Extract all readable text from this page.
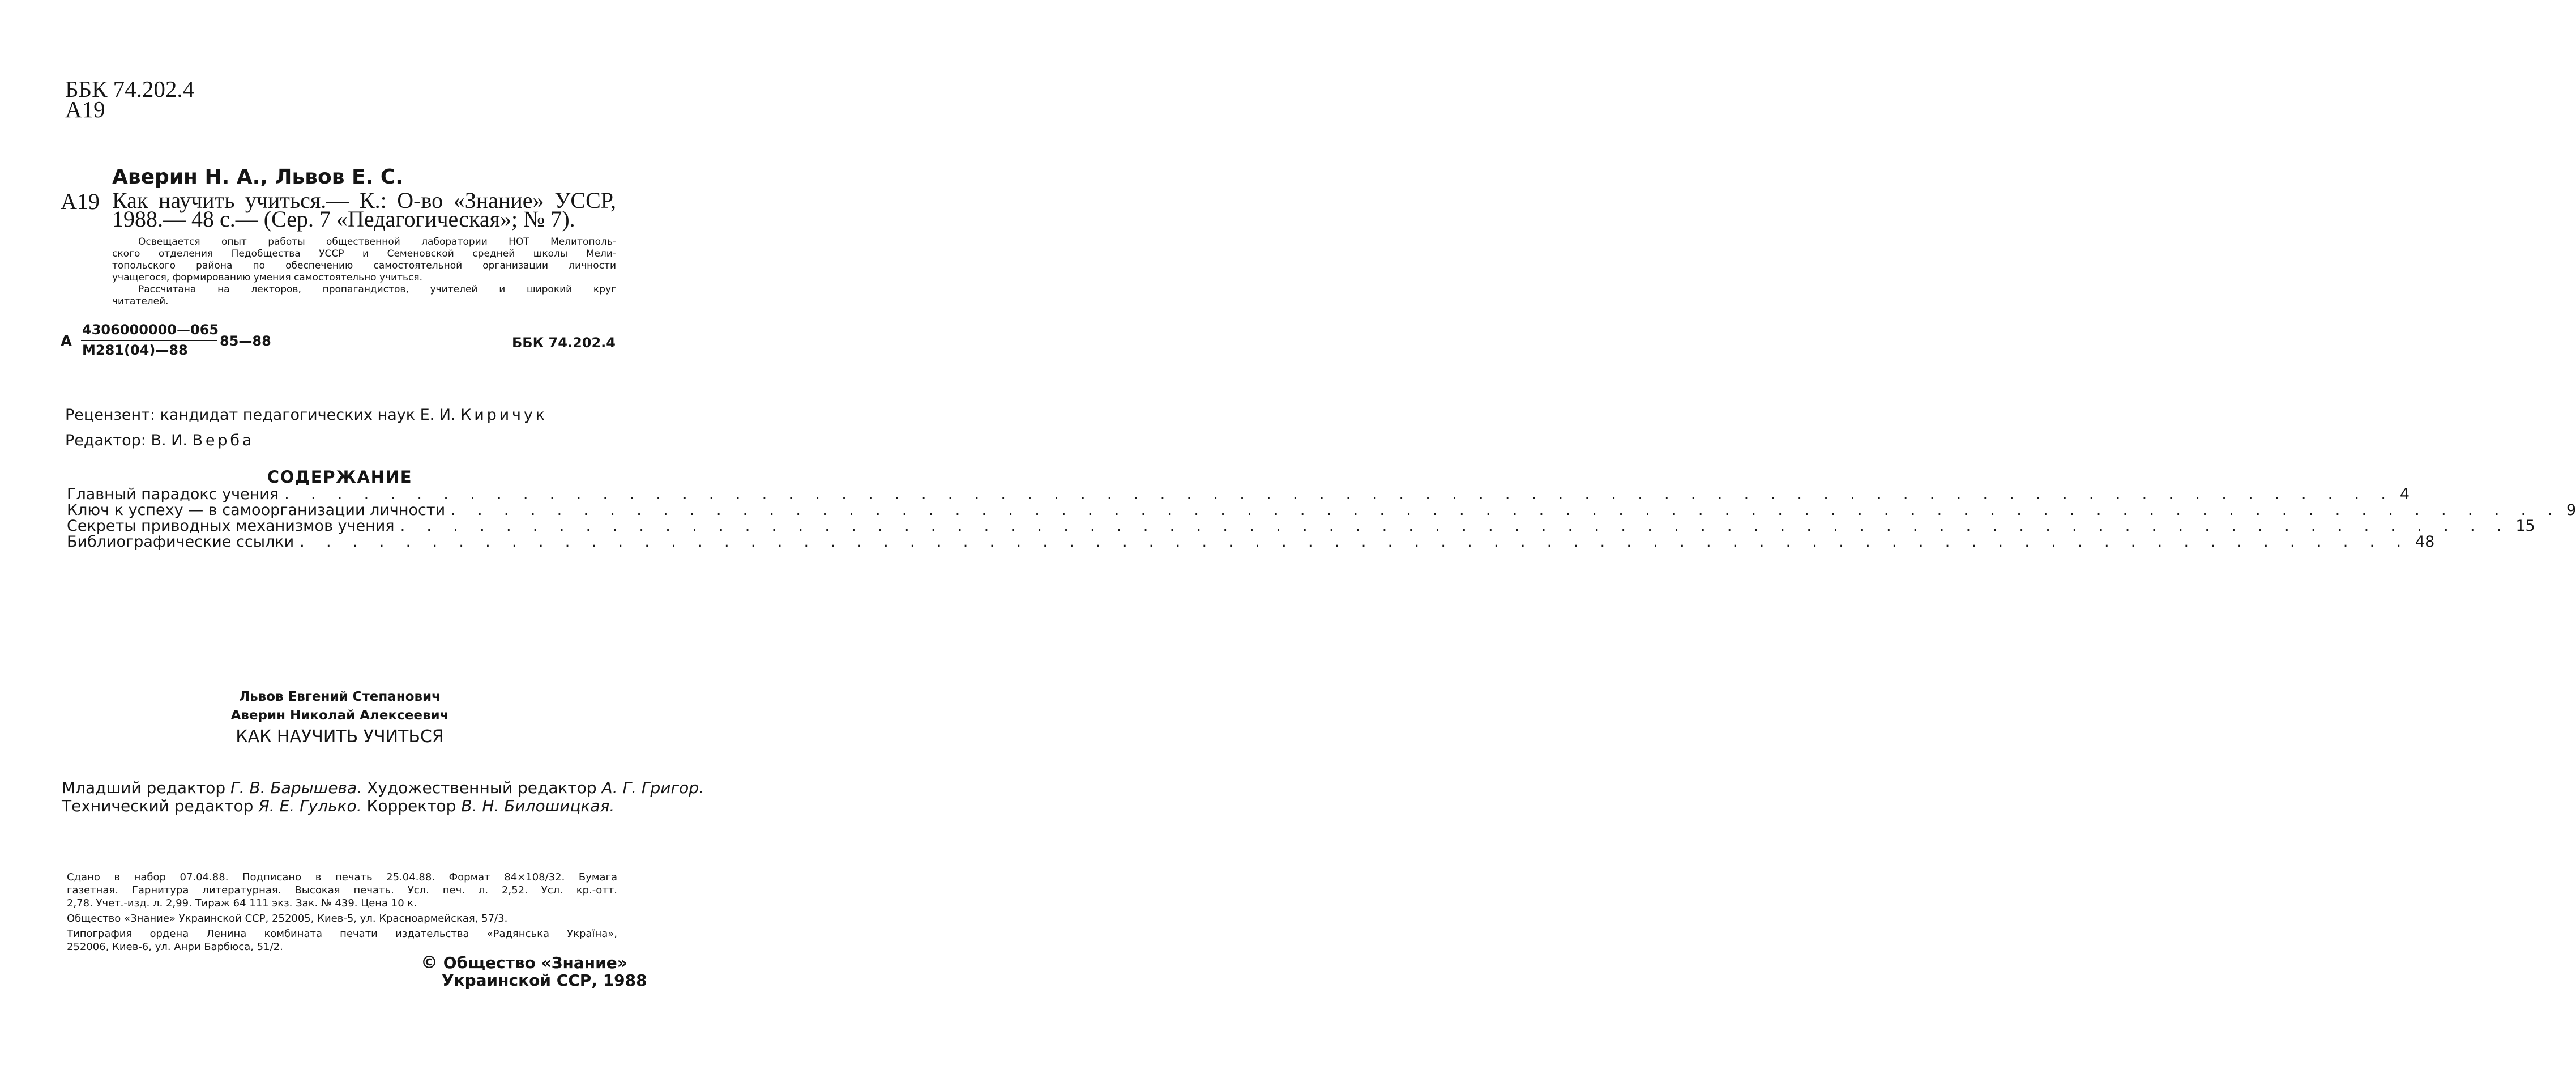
ББК 74.202.4
А19
Аверин Н. А., Львов Е. С.
А19 Как научить учиться.— К.: О-во «Знание» УССР,
1988.— 48 с.— (Сер. 7 «Педагогическая»; № 7).
Освещается опыт работы общественной лаборатории НОТ Мелитополь-
ского отделения Педобщества УССР и Семеновской средней школы Мели-
топольского района по обеспечению самостоятельной организации личности
учащегося, формированию умения самостоятельно учиться.
Рассчитана на лекторов, пропагандистов, учителей и широкий круг
читателей.
А
4306000000—065
М281(04)—88
85—88	ББК 74.202.4
Рецензент: кандидат педагогических наук Е. И. Киричук
Редактор: В. И. Верба
СОДЕРЖАНИЕ
Главный парадокс учения . . .	4
Ключ к успеху — в самоорганизации личности . . .	9
Секреты приводных механизмов учения . . .	15
Библиографические ссылки . . .	48
Львов Евгений Степанович
Аверин Николай Алексеевич
КАК НАУЧИТЬ УЧИТЬСЯ
Младший редактор Г. В. Барышева. Художественный редактор А. Г. Григор.
Технический редактор Я. Е. Гулько. Корректор В. Н. Билошицкая.
Сдано в набор 07.04.88. Подписано в печать 25.04.88. Формат 84×108/32. Бумага
газетная. Гарнитура литературная. Высокая печать. Усл. печ. л. 2,52. Усл. кр.-отт.
2,78. Учет.-изд. л. 2,99. Тираж 64 111 экз. Зак. № 439. Цена 10 к.
Общество «Знание» Украинской ССР, 252005, Киев-5, ул. Красноармейская, 57/3.
Типография ордена Ленина комбината печати издательства «Радянська Україна»,
252006, Киев-6, ул. Анри Барбюса, 51/2.
© Общество «Знание»
Украинской ССР, 1988
